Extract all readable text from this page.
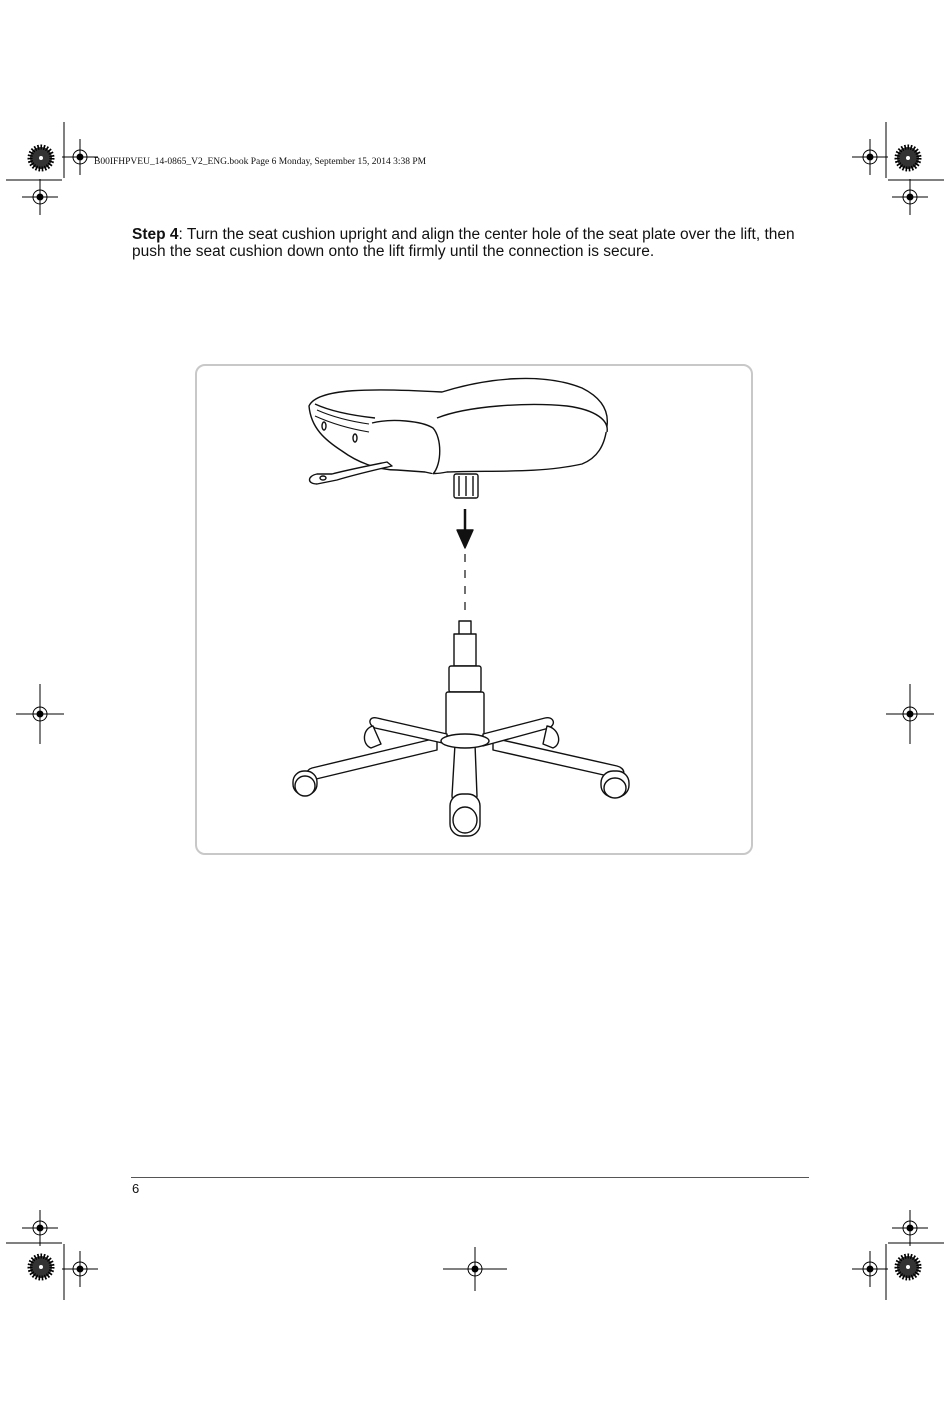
B00IFHPVEU_14-0865_V2_ENG.book Page 6 Monday, September 15, 2014 3:38 PM
Step 4: Turn the seat cushion upright and align the center hole of the seat plate over the lift, then push the seat cushion down onto the lift firmly until the connection is secure.
6
